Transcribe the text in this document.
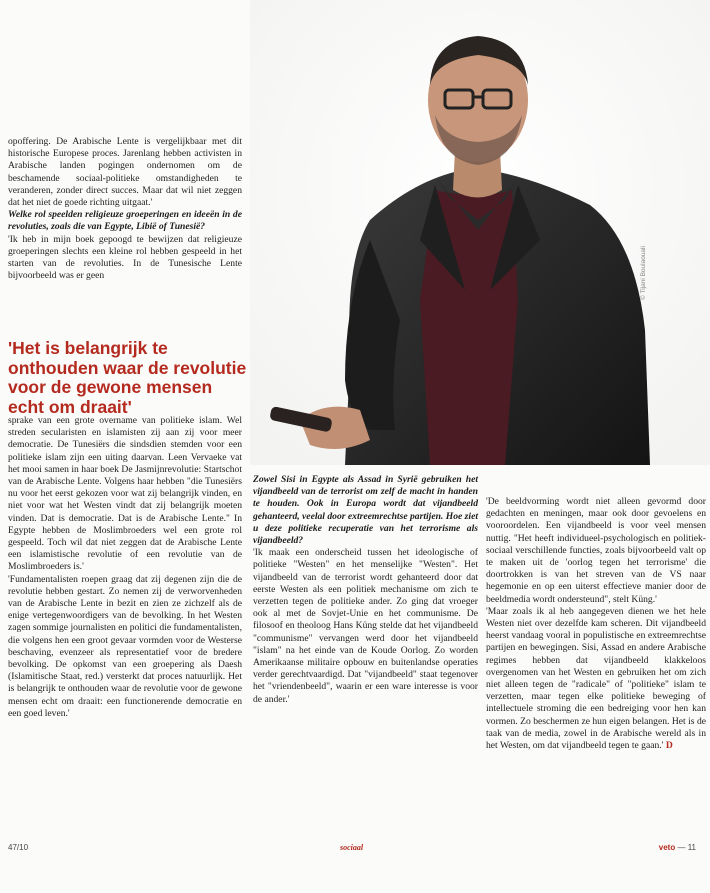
© Tijani Boulaouali

opoffering. De Arabische Lente is vergelijkbaar met dit historische Europese proces. Jarenlang hebben activisten in Arabische landen pogingen ondernomen om de beschamende sociaal-politieke omstandigheden te veranderen, zonder direct succes. Maar dat wil niet zeggen dat het niet de goede richting uitgaat.'

Welke rol speelden religieuze groeperingen en ideeën in de revoluties, zoals die van Egypte, Libië of Tunesië?

'Ik heb in mijn boek gepoogd te bewijzen dat religieuze groeperingen slechts een kleine rol hebben gespeeld in het starten van de revoluties. In de Tunesische Lente bijvoorbeeld was er geen

'Het is belangrijk te onthouden waar de revolutie voor de gewone mensen echt om draait'

sprake van een grote overname van politieke islam. Wel streden secularisten en islamisten zij aan zij voor meer democratie. De Tunesiërs die sindsdien stemden voor een politieke islam zijn een uiting daarvan. Leen Vervaeke vat het mooi samen in haar boek De Jasmijnrevolutie: Startschot van de Arabische Lente. Volgens haar hebben "die Tunesiërs nu voor het eerst gekozen voor wat zij belangrijk vinden, en niet voor wat het Westen vindt dat zij belangrijk moeten vinden. Dat is democratie. Dat is de Arabische Lente." In Egypte hebben de Moslimbroeders wel een grote rol gespeeld. Toch wil dat niet zeggen dat de Arabische Lente een islamistische revolutie of een revolutie van de Moslimbroeders is.'

'Fundamentalisten roepen graag dat zij degenen zijn die de revolutie hebben gestart. Zo nemen zij de verworvenheden van de Arabische Lente in bezit en zien ze zichzelf als de enige vertegenwoordigers van de bevolking. In het Westen zagen sommige journalisten en politici die fundamentalisten, die volgens hen een groot gevaar vormden voor de Westerse beschaving, evenzeer als representatief voor de bredere bevolking. De opkomst van een groepering als Daesh (Islamitische Staat, red.) versterkt dat proces natuurlijk. Het is belangrijk te onthouden waar de revolutie voor de gewone mensen echt om draait: een functionerende democratie en een goed leven.'

Zowel Sisi in Egypte als Assad in Syrië gebruiken het vijandbeeld van de terrorist om zelf de macht in handen te houden. Ook in Europa wordt dat vijandbeeld gehanteerd, veelal door extreemrechtse partijen. Hoe ziet u deze politieke recuperatie van het terrorisme als vijandbeeld?

'Ik maak een onderscheid tussen het ideologische of politieke "Westen" en het menselijke "Westen". Het vijandbeeld van de terrorist wordt gehanteerd door dat eerste Westen als een politiek mechanisme om zich te verzetten tegen de politieke ander. Zo ging dat vroeger ook al met de Sovjet-Unie en het communisme. De filosoof en theoloog Hans Küng stelde dat het vijandbeeld "communisme" vervangen werd door het vijandbeeld "islam" na het einde van de Koude Oorlog. Zo worden Amerikaanse militaire opbouw en buitenlandse operaties verder gerechtvaardigd. Dat "vijandbeeld" staat tegenover het "vriendenbeeld", waarin er een ware interesse is voor de ander.'

'De beeldvorming wordt niet alleen gevormd door gedachten en meningen, maar ook door gevoelens en vooroordelen. Een vijandbeeld is voor veel mensen nuttig. "Het heeft individueel-psychologisch en politiek-sociaal verschillende functies, zoals bijvoorbeeld valt op te maken uit de 'oorlog tegen het terrorisme' die doortrokken is van het streven van de VS naar hegemonie en op een uiterst effectieve manier door de beeldmedia wordt ondersteund", stelt Küng.'

'Maar zoals ik al heb aangegeven dienen we het hele Westen niet over dezelfde kam scheren. Dit vijandbeeld heerst vandaag vooral in populistische en extreemrechtse partijen en bewegingen. Sisi, Assad en andere Arabische regimes hebben dat vijandbeeld klakkeloos overgenomen van het Westen en gebruiken het om zich niet alleen tegen de "radicale" of "politieke" islam te verzetten, maar tegen elke politieke beweging of intellectuele stroming die een bedreiging voor hen kan vormen. Zo beschermen ze hun eigen belangen. Het is de taak van de media, zowel in de Arabische wereld als in het Westen, om dat vijandbeeld tegen te gaan.' D

47/10	sociaal	veto — 11
